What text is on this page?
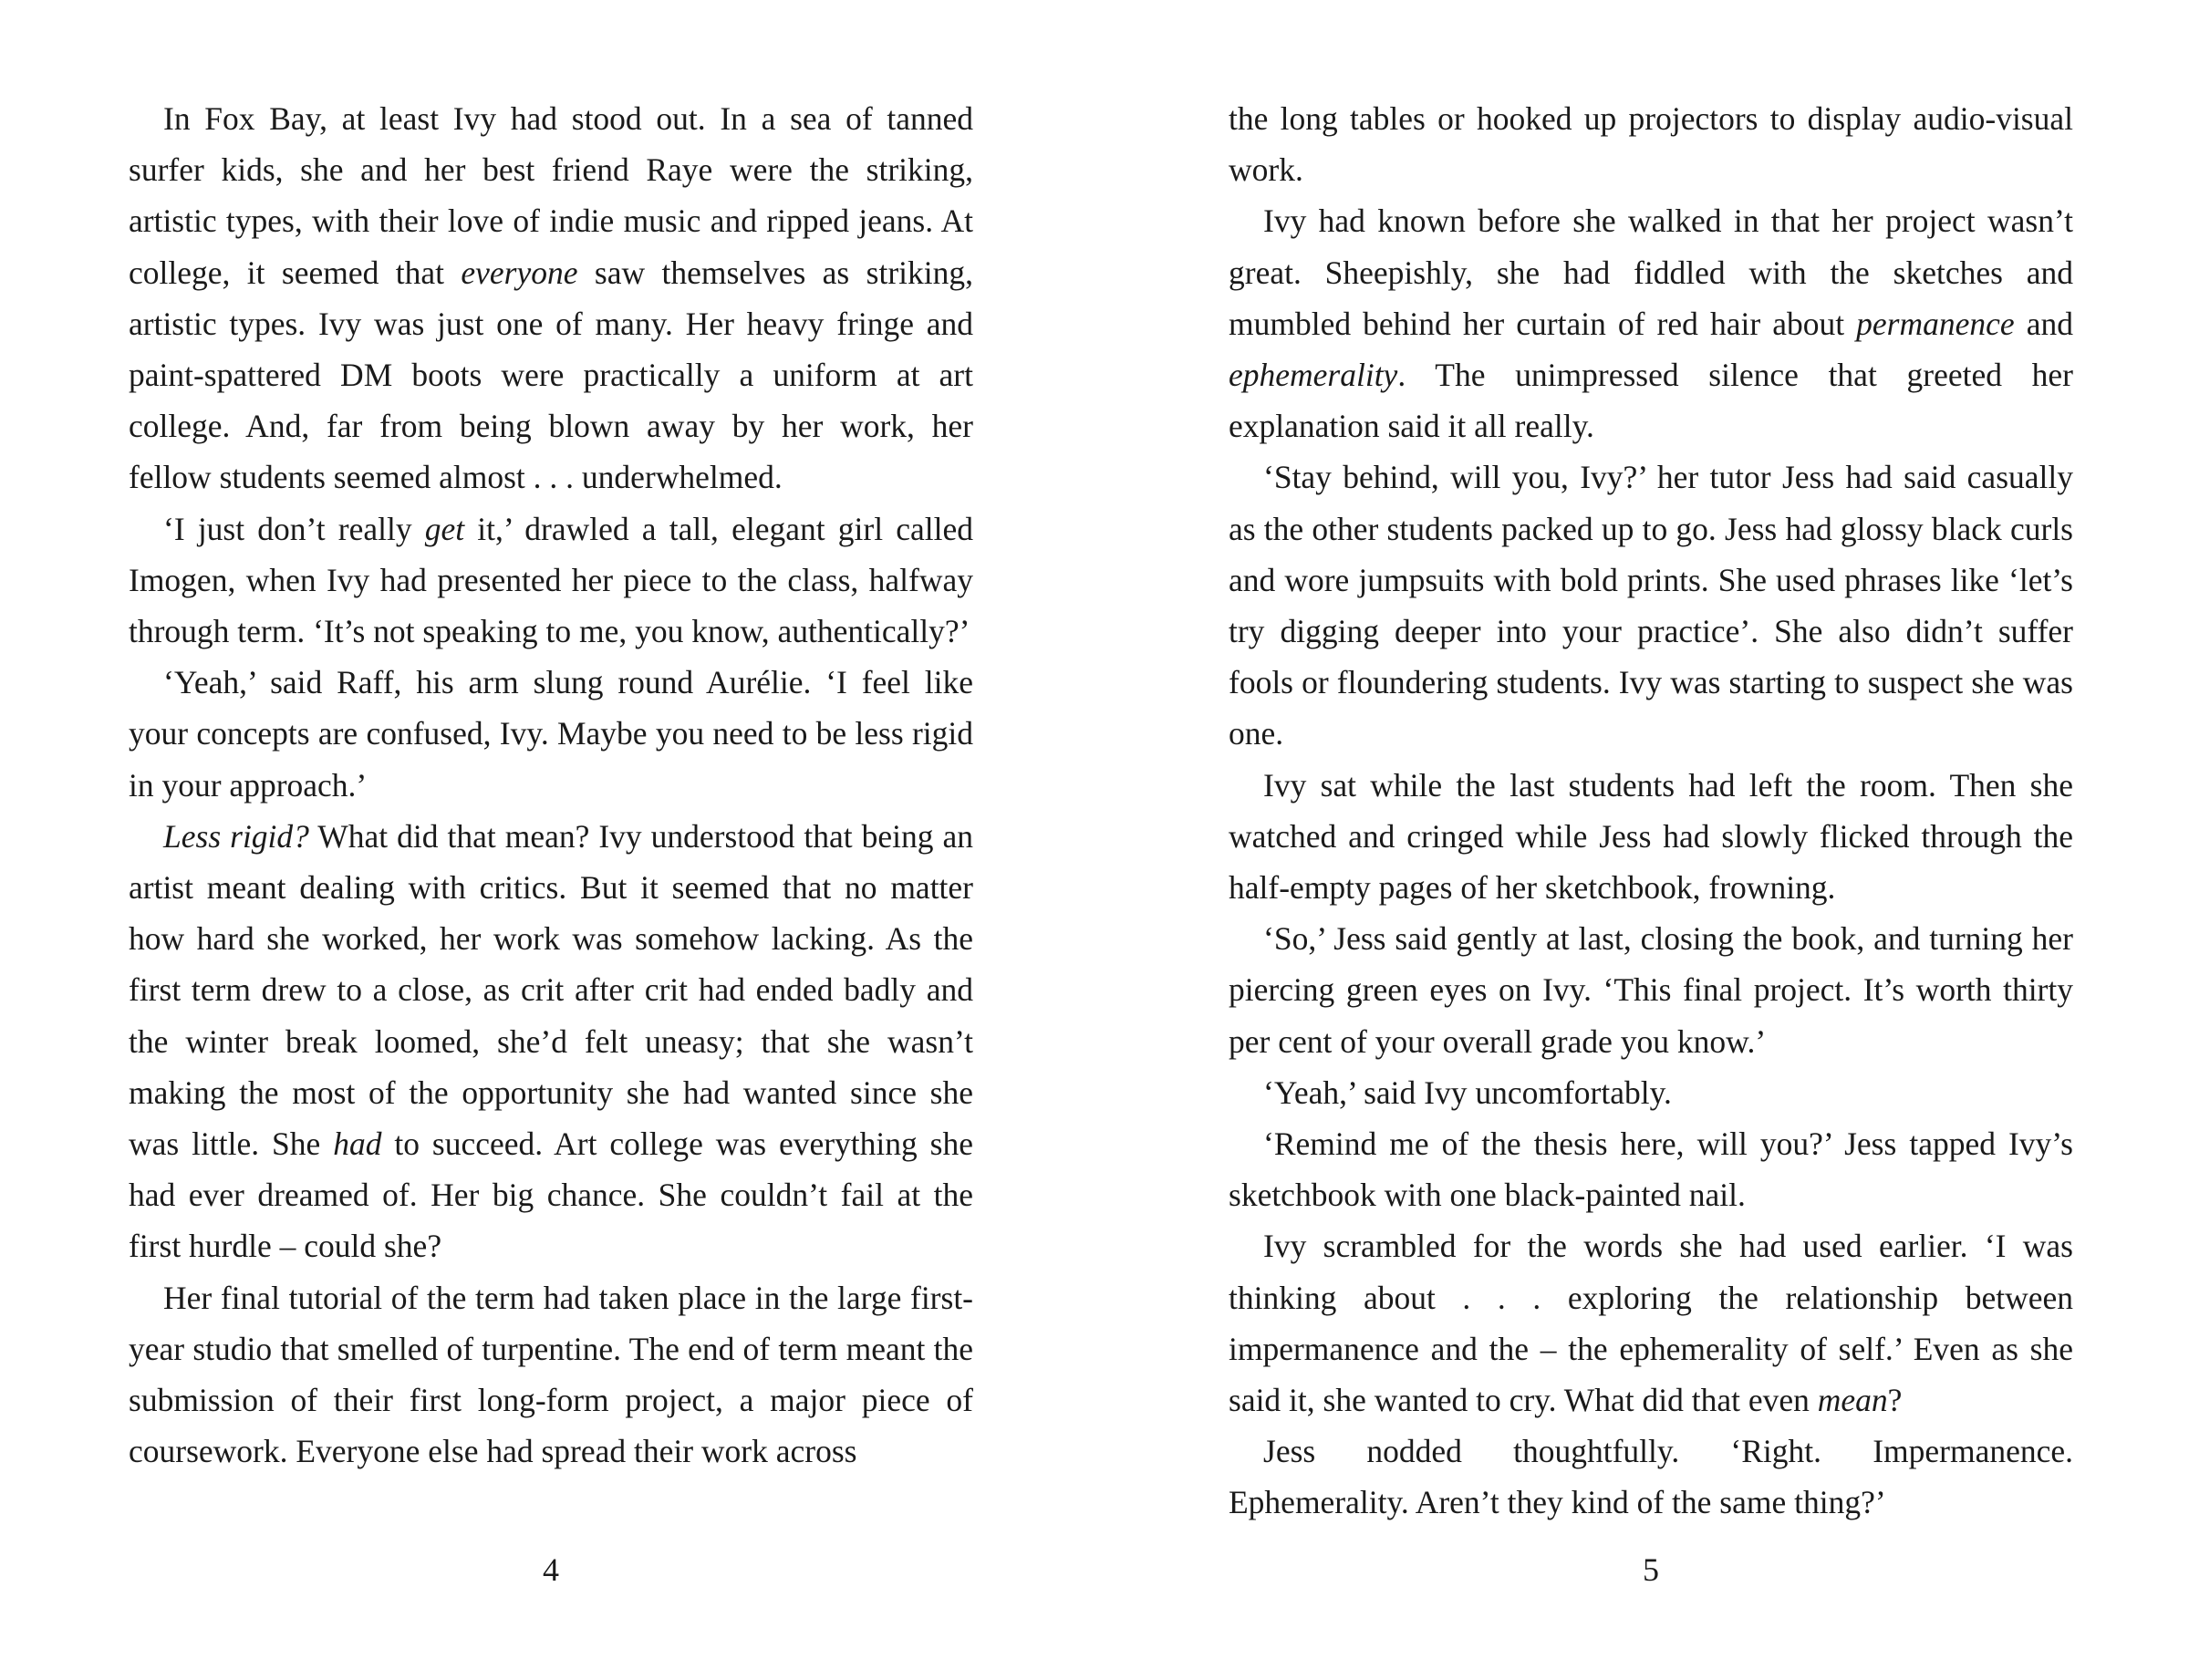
In Fox Bay, at least Ivy had stood out. In a sea of tanned surfer kids, she and her best friend Raye were the striking, artistic types, with their love of indie music and ripped jeans. At college, it seemed that everyone saw themselves as striking, artistic types. Ivy was just one of many. Her heavy fringe and paint-spattered DM boots were practically a uniform at art college. And, far from being blown away by her work, her fellow students seemed almost . . . underwhelmed.

‘I just don’t really get it,’ drawled a tall, elegant girl called Imogen, when Ivy had presented her piece to the class, halfway through term. ‘It’s not speaking to me, you know, authentically?’

‘Yeah,’ said Raff, his arm slung round Aurélie. ‘I feel like your concepts are confused, Ivy. Maybe you need to be less rigid in your approach.’

Less rigid? What did that mean? Ivy understood that being an artist meant dealing with critics. But it seemed that no matter how hard she worked, her work was somehow lacking. As the first term drew to a close, as crit after crit had ended badly and the winter break loomed, she’d felt uneasy; that she wasn’t making the most of the opportunity she had wanted since she was little. She had to succeed. Art college was everything she had ever dreamed of. Her big chance. She couldn’t fail at the first hurdle – could she?

Her final tutorial of the term had taken place in the large first-year studio that smelled of turpentine. The end of term meant the submission of their first long-form project, a major piece of coursework. Everyone else had spread their work across

4

the long tables or hooked up projectors to display audio-visual work.

Ivy had known before she walked in that her project wasn’t great. Sheepishly, she had fiddled with the sketches and mumbled behind her curtain of red hair about permanence and ephemerality. The unimpressed silence that greeted her explanation said it all really.

‘Stay behind, will you, Ivy?’ her tutor Jess had said casually as the other students packed up to go. Jess had glossy black curls and wore jumpsuits with bold prints. She used phrases like ‘let’s try digging deeper into your practice’. She also didn’t suffer fools or floundering students. Ivy was starting to suspect she was one.

Ivy sat while the last students had left the room. Then she watched and cringed while Jess had slowly flicked through the half-empty pages of her sketchbook, frowning.

‘So,’ Jess said gently at last, closing the book, and turning her piercing green eyes on Ivy. ‘This final project. It’s worth thirty per cent of your overall grade you know.’

‘Yeah,’ said Ivy uncomfortably.

‘Remind me of the thesis here, will you?’ Jess tapped Ivy’s sketchbook with one black-painted nail.

Ivy scrambled for the words she had used earlier. ‘I was thinking about . . . exploring the relationship between impermanence and the – the ephemerality of self.’ Even as she said it, she wanted to cry. What did that even mean?

Jess nodded thoughtfully. ‘Right. Impermanence. Ephemerality. Aren’t they kind of the same thing?’

5
